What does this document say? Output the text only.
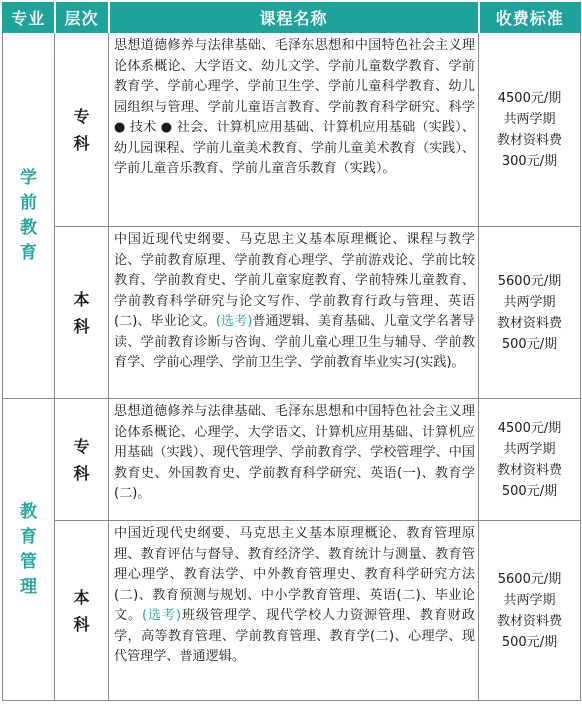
专业	层次	课程名称	收费标准

学前教育	专科	思想道德修养与法律基础、毛泽东思想和中国特色社会主义理论体系概论、大学语文、幼儿文学、学前儿童数学教育、学前教育学、学前心理学、学前卫生学、学前儿童科学教育、幼儿园组织与管理、学前儿童语言教育、学前教育科学研究、科学 ● 技术 ● 社会、计算机应用基础、计算机应用基础（实践）、幼儿园课程、学前儿童美术教育、学前儿童美术教育（实践）、学前儿童音乐教育、学前儿童音乐教育（实践）。	4500元/期
共两学期
教材资料费
300元/期

	本科	中国近现代史纲要、马克思主义基本原理概论、课程与教学论、学前教育原理、学前教育心理学、学前游戏论、学前比较教育、学前教育史、学前儿童家庭教育、学前特殊儿童教育、学前教育科学研究与论文写作、学前教育行政与管理、英语(二)、毕业论文。(选考)普通逻辑、美育基础、儿童文学名著导读、学前教育诊断与咨询、学前儿童心理卫生与辅导、学前教育学、学前心理学、学前卫生学、学前教育毕业实习(实践)。	5600元/期
共两学期
教材资料费
500元/期

教育管理	专科	思想道德修养与法律基础、毛泽东思想和中国特色社会主义理论体系概论、心理学、大学语文、计算机应用基础、计算机应用基础（实践）、现代管理学、学前教育学、学校管理学、中国教育史、外国教育史、学前教育科学研究、英语(一)、教育学(二)。	4500元/期
共两学期
教材资料费
500元/期

	本科	中国近现代史纲要、马克思主义基本原理概论、教育管理原理、教育评估与督导、教育经济学、教育统计与测量、教育管理心理学、教育法学、中外教育管理史、教育科学研究方法(二)、教育预测与规划、中小学教育管理、英语(二)、毕业论文。(选考)班级管理学、现代学校人力资源管理、教育财政学，高等教育管理、学前教育管理、教育学(二)、心理学、现代管理学、普通逻辑。	5600元/期
共两学期
教材资料费
500元/期
